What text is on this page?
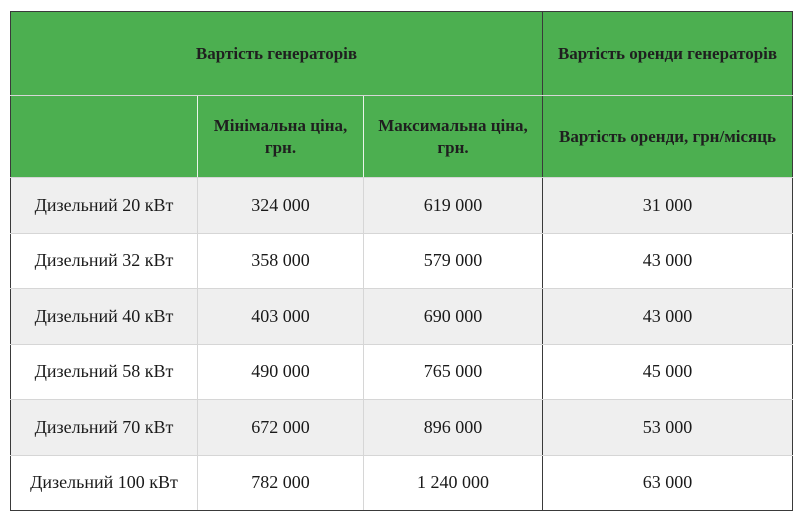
Вартість генераторів			Вартість оренди генераторів
	Мінімальна ціна, грн.	Максимальна ціна, грн.	Вартість оренди, грн/місяць
Дизельний 20 кВт	324 000	619 000	31 000
Дизельний 32 кВт	358 000	579 000	43 000
Дизельний 40 кВт	403 000	690 000	43 000
Дизельний 58 кВт	490 000	765 000	45 000
Дизельний 70 кВт	672 000	896 000	53 000
Дизельний 100 кВт	782 000	1 240 000	63 000
